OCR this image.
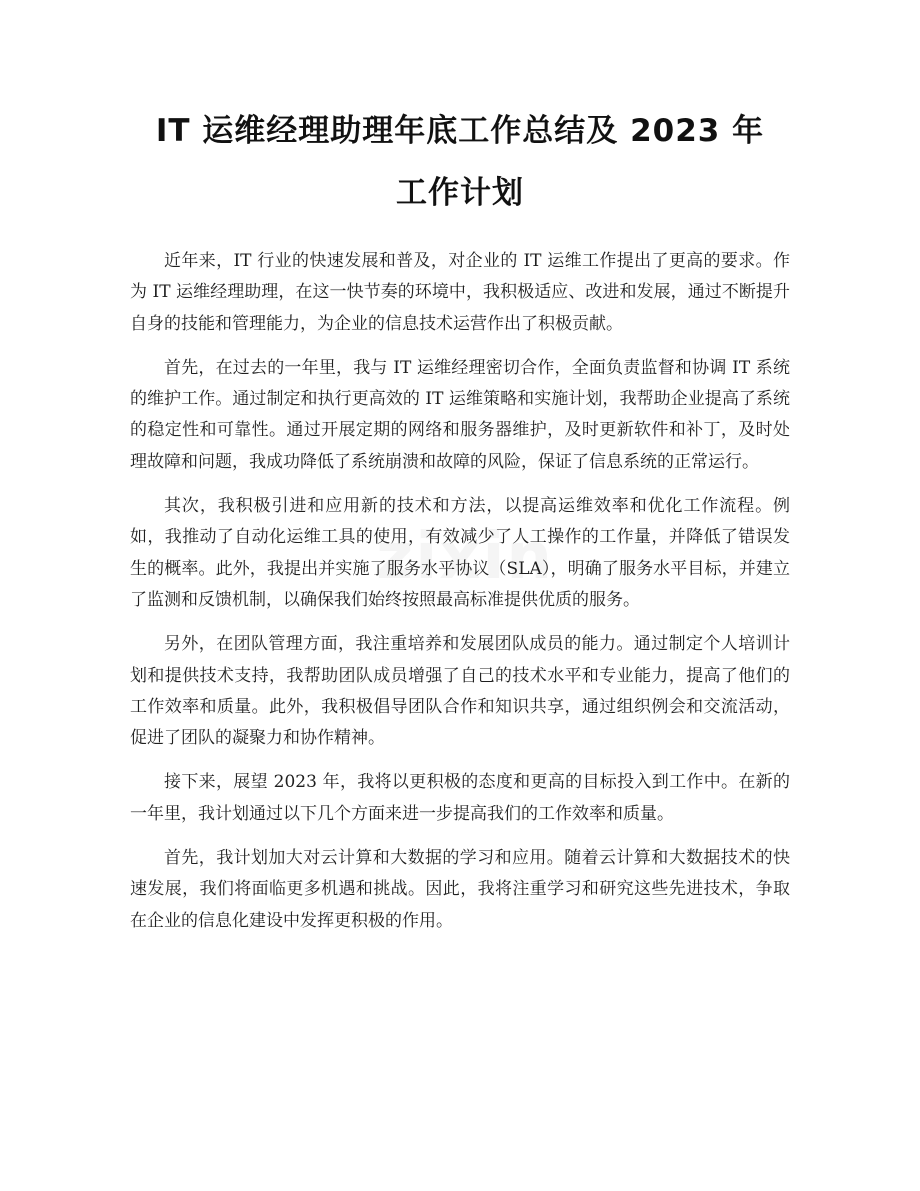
zixin
IT 运维经理助理年底工作总结及 2023 年工作计划

近年来，IT 行业的快速发展和普及，对企业的 IT 运维工作提出了更高的要求。作为 IT 运维经理助理，在这一快节奏的环境中，我积极适应、改进和发展，通过不断提升自身的技能和管理能力，为企业的信息技术运营作出了积极贡献。

首先，在过去的一年里，我与 IT 运维经理密切合作，全面负责监督和协调 IT 系统的维护工作。通过制定和执行更高效的 IT 运维策略和实施计划，我帮助企业提高了系统的稳定性和可靠性。通过开展定期的网络和服务器维护，及时更新软件和补丁，及时处理故障和问题，我成功降低了系统崩溃和故障的风险，保证了信息系统的正常运行。

其次，我积极引进和应用新的技术和方法，以提高运维效率和优化工作流程。例如，我推动了自动化运维工具的使用，有效减少了人工操作的工作量，并降低了错误发生的概率。此外，我提出并实施了服务水平协议（SLA），明确了服务水平目标，并建立了监测和反馈机制，以确保我们始终按照最高标准提供优质的服务。

另外，在团队管理方面，我注重培养和发展团队成员的能力。通过制定个人培训计划和提供技术支持，我帮助团队成员增强了自己的技术水平和专业能力，提高了他们的工作效率和质量。此外，我积极倡导团队合作和知识共享，通过组织例会和交流活动，促进了团队的凝聚力和协作精神。

接下来，展望 2023 年，我将以更积极的态度和更高的目标投入到工作中。在新的一年里，我计划通过以下几个方面来进一步提高我们的工作效率和质量。

首先，我计划加大对云计算和大数据的学习和应用。随着云计算和大数据技术的快速发展，我们将面临更多机遇和挑战。因此，我将注重学习和研究这些先进技术，争取在企业的信息化建设中发挥更积极的作用。
